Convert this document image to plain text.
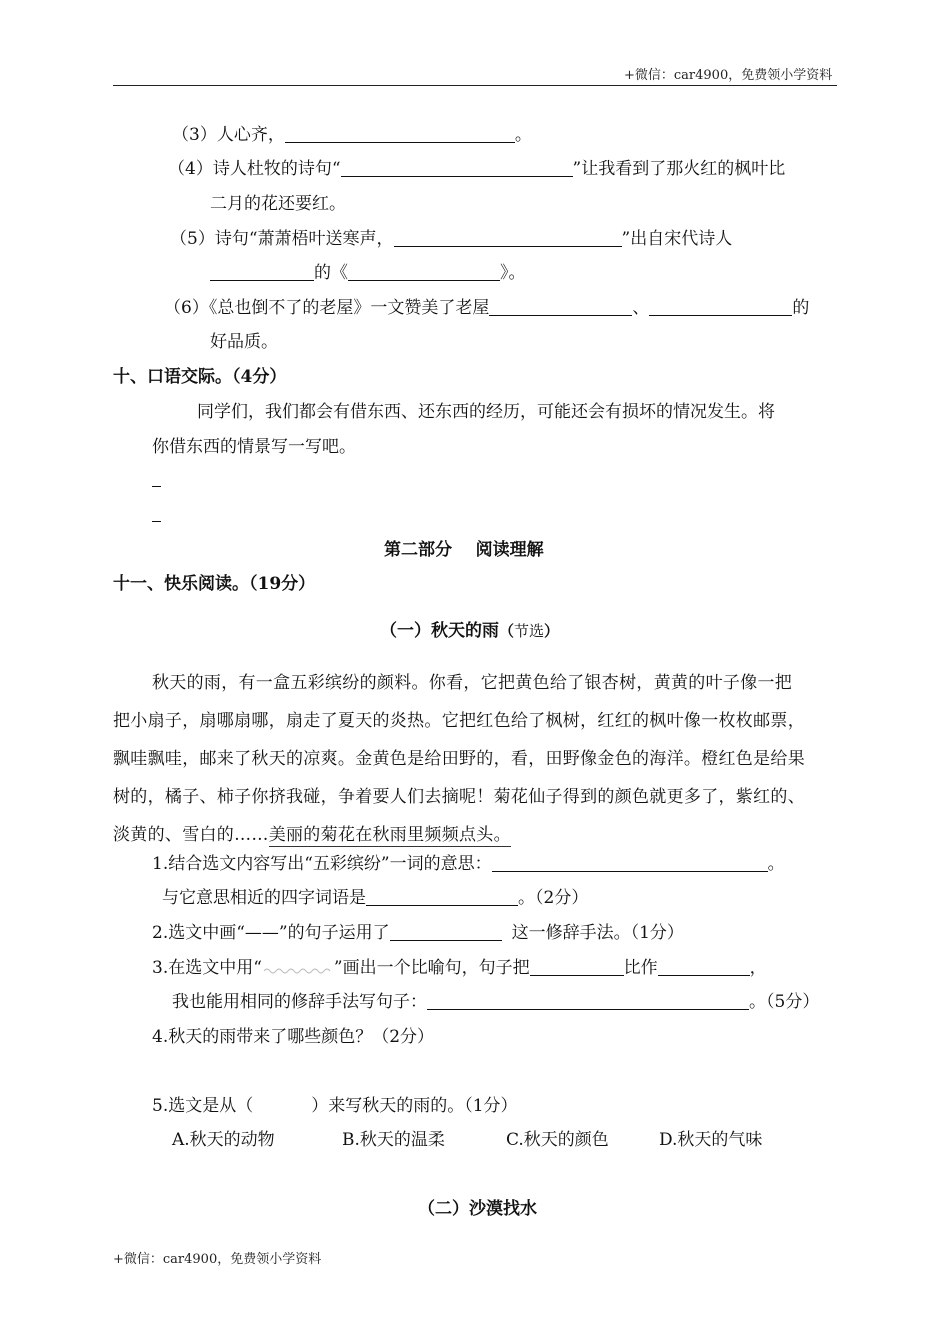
+微信：car4900，免费领小学资料
（3）人心齐，	。
（4）诗人杜牧的诗句“	”让我看到了那火红的枫叶比
二月的花还要红。
（5）诗句“萧萧梧叶送寒声，	”出自宋代诗人
的《	》。
（6）《总也倒不了的老屋》一文赞美了老屋	、	的
好品质。
十、口语交际。（4分）
同学们，我们都会有借东西、还东西的经历，可能还会有损坏的情况发生。将
你借东西的情景写一写吧。
第二部分    阅读理解
十一、快乐阅读。（19分）
（一）秋天的雨（节选）
秋天的雨，有一盒五彩缤纷的颜料。你看，它把黄色给了银杏树，黄黄的叶子像一把
把小扇子，扇哪扇哪，扇走了夏天的炎热。它把红色给了枫树，红红的枫叶像一枚枚邮票，
飘哇飘哇，邮来了秋天的凉爽。金黄色是给田野的，看，田野像金色的海洋。橙红色是给果
树的，橘子、柿子你挤我碰，争着要人们去摘呢！菊花仙子得到的颜色就更多了，紫红的、
淡黄的、雪白的……美丽的菊花在秋雨里频频点头。
1.结合选文内容写出“五彩缤纷”一词的意思：	。
与它意思相近的四字词语是	。（2分）
2.选文中画“——”的句子运用了	这一修辞手法。（1分）
3.在选文中用“	”画出一个比喻句，句子把	比作	，
我也能用相同的修辞手法写句子：	。（5分）
4.秋天的雨带来了哪些颜色？（2分）
5.选文是从（	）来写秋天的雨的。（1分）
A.秋天的动物	B.秋天的温柔	C.秋天的颜色	D.秋天的气味
（二）沙漠找水
+微信：car4900，免费领小学资料
